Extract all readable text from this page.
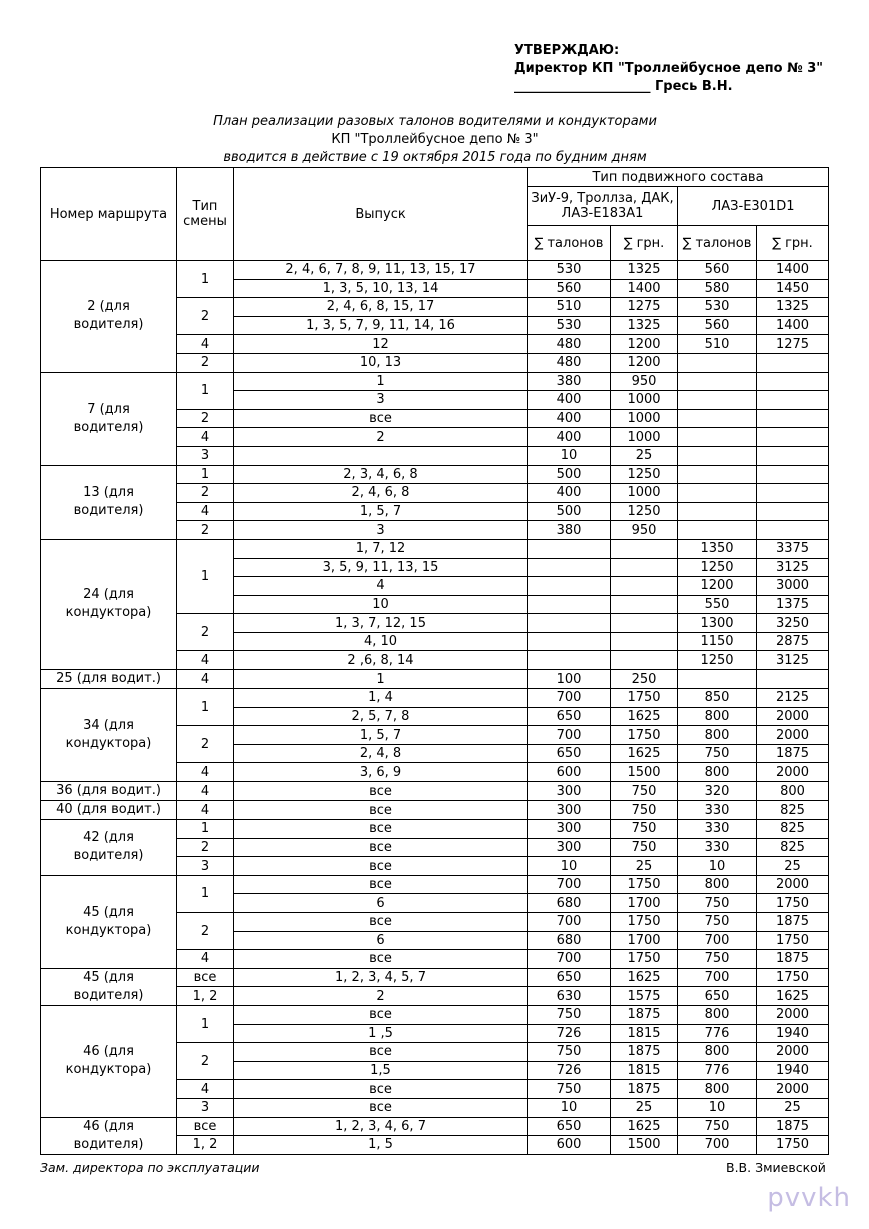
УТВЕРЖДАЮ:
Директор КП "Троллейбусное депо № 3"
_____________________ Гресь В.Н.
План реализации разовых талонов водителями и кондукторами
КП "Троллейбусное депо № 3"
вводится в действие с 19 октября 2015 года по будним дням
Номер маршрута	Тип смены	Выпуск	Тип подвижного состава			
			ЗиУ-9, Троллза, ДАК, ЛАЗ-Е183А1		ЛАЗ-Е301D1	
			∑ талонов	∑ грн.	∑ талонов	∑ грн.
2 (для водителя)	1	2, 4, 6, 7, 8, 9, 11, 13, 15, 17	530	1325	560	1400
		1, 3, 5, 10, 13, 14	560	1400	580	1450
	2	2, 4, 6, 8, 15, 17	510	1275	530	1325
		1, 3, 5, 7, 9, 11, 14, 16	530	1325	560	1400
	4	12	480	1200	510	1275
	2	10, 13	480	1200		
7 (для водителя)	1	1	380	950		
		3	400	1000		
	2	все	400	1000		
	4	2	400	1000		
	3		10	25		
13 (для водителя)	1	2, 3, 4, 6, 8	500	1250		
	2	2, 4, 6, 8	400	1000		
	4	1, 5, 7	500	1250		
	2	3	380	950		
24 (для кондуктора)	1	1, 7, 12			1350	3375
		3, 5, 9, 11, 13, 15			1250	3125
		4			1200	3000
		10			550	1375
	2	1, 3, 7, 12, 15			1300	3250
		4, 10			1150	2875
	4	2 ,6, 8, 14			1250	3125
25 (для водит.)	4	1	100	250		
34 (для кондуктора)	1	1, 4	700	1750	850	2125
		2, 5, 7, 8	650	1625	800	2000
	2	1, 5, 7	700	1750	800	2000
		2, 4, 8	650	1625	750	1875
	4	3, 6, 9	600	1500	800	2000
36 (для водит.)	4	все	300	750	320	800
40 (для водит.)	4	все	300	750	330	825
42 (для водителя)	1	все	300	750	330	825
	2	все	300	750	330	825
	3	все	10	25	10	25
45 (для кондуктора)	1	все	700	1750	800	2000
		6	680	1700	750	1750
	2	все	700	1750	750	1875
		6	680	1700	700	1750
	4	все	700	1750	750	1875
45 (для водителя)	все	1, 2, 3, 4, 5, 7	650	1625	700	1750
	1, 2	2	630	1575	650	1625
46 (для кондуктора)	1	все	750	1875	800	2000
		1 ,5	726	1815	776	1940
	2	все	750	1875	800	2000
		1,5	726	1815	776	1940
	4	все	750	1875	800	2000
	3	все	10	25	10	25
46 (для водителя)	все	1, 2, 3, 4, 6, 7	650	1625	750	1875
	1, 2	1, 5	600	1500	700	1750
Зам. директора по эксплуатации	В.В. Змиевской
pvvkh
